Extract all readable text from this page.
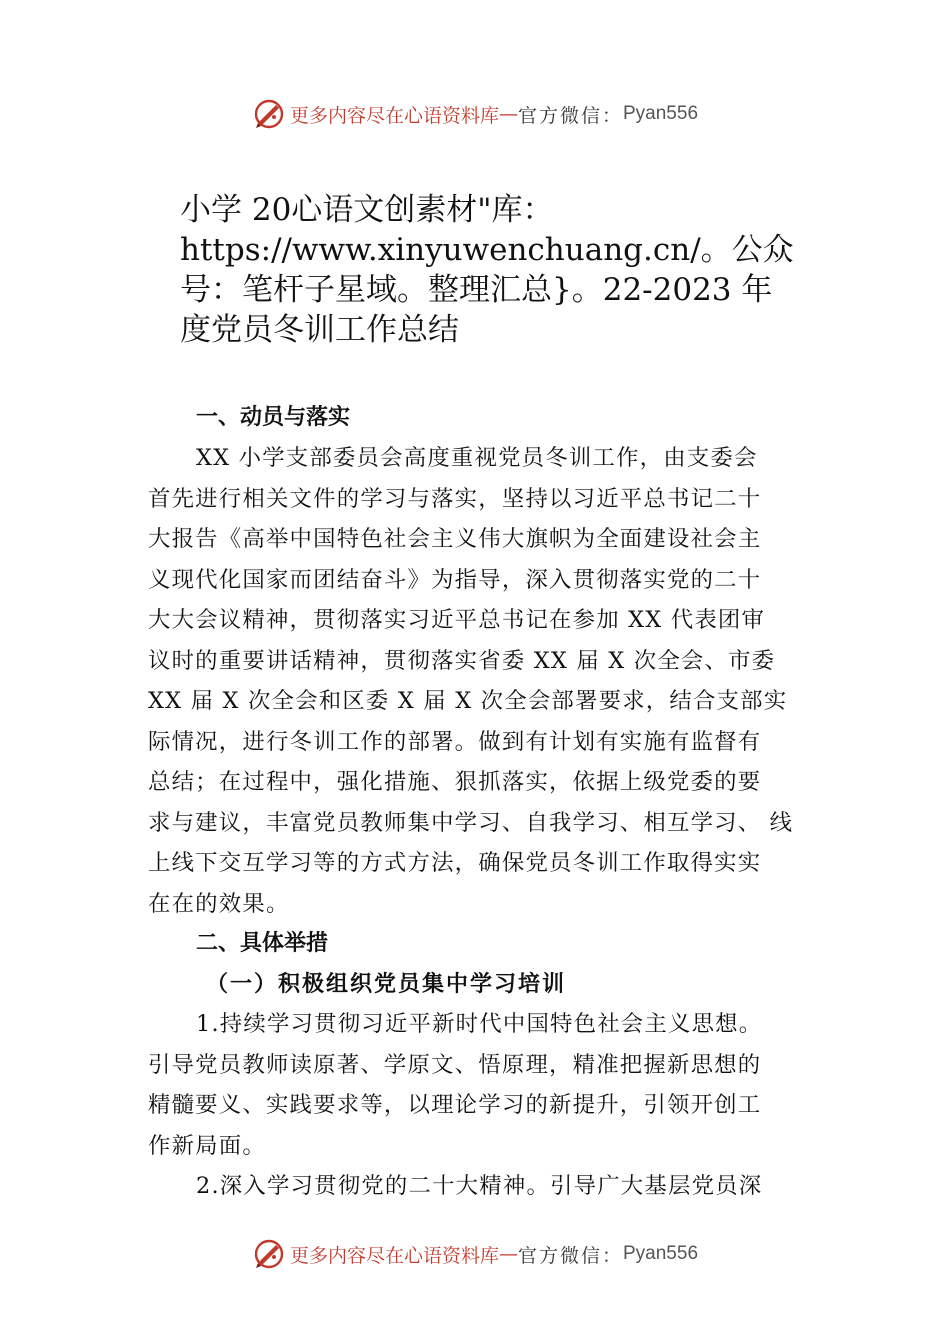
更多内容尽在心语资料库 — 官方微信： Pyan556
小学 20心语文创素材"库：
https://www.xinyuwenchuang.cn/。公众
号：笔杆子星域。整理汇总}。22-2023 年
度党员冬训工作总结
一、动员与落实

XX 小学支部委员会高度重视党员冬训工作，由支委会
首先进行相关文件的学习与落实，坚持以习近平总书记二十
大报告《高举中国特色社会主义伟大旗帜为全面建设社会主
义现代化国家而团结奋斗》为指导，深入贯彻落实党的二十
大大会议精神，贯彻落实习近平总书记在参加 XX 代表团审
议时的重要讲话精神，贯彻落实省委 XX 届 X 次全会、市委
XX 届 X 次全会和区委 X 届 X 次全会部署要求，结合支部实
际情况，进行冬训工作的部署。做到有计划有实施有监督有
总结；在过程中，强化措施、狠抓落实，依据上级党委的要
求与建议，丰富党员教师集中学习、自我学习、相互学习、 线
上线下交互学习等的方式方法，确保党员冬训工作取得实实
在在的效果。

二、具体举措
（一）积极组织党员集中学习培训

1.持续学习贯彻习近平新时代中国特色社会主义思想。
引导党员教师读原著、学原文、悟原理，精准把握新思想的
精髓要义、实践要求等，以理论学习的新提升，引领开创工
作新局面。

2.深入学习贯彻党的二十大精神。引导广大基层党员深

更多内容尽在心语资料库 — 官方微信： Pyan556
